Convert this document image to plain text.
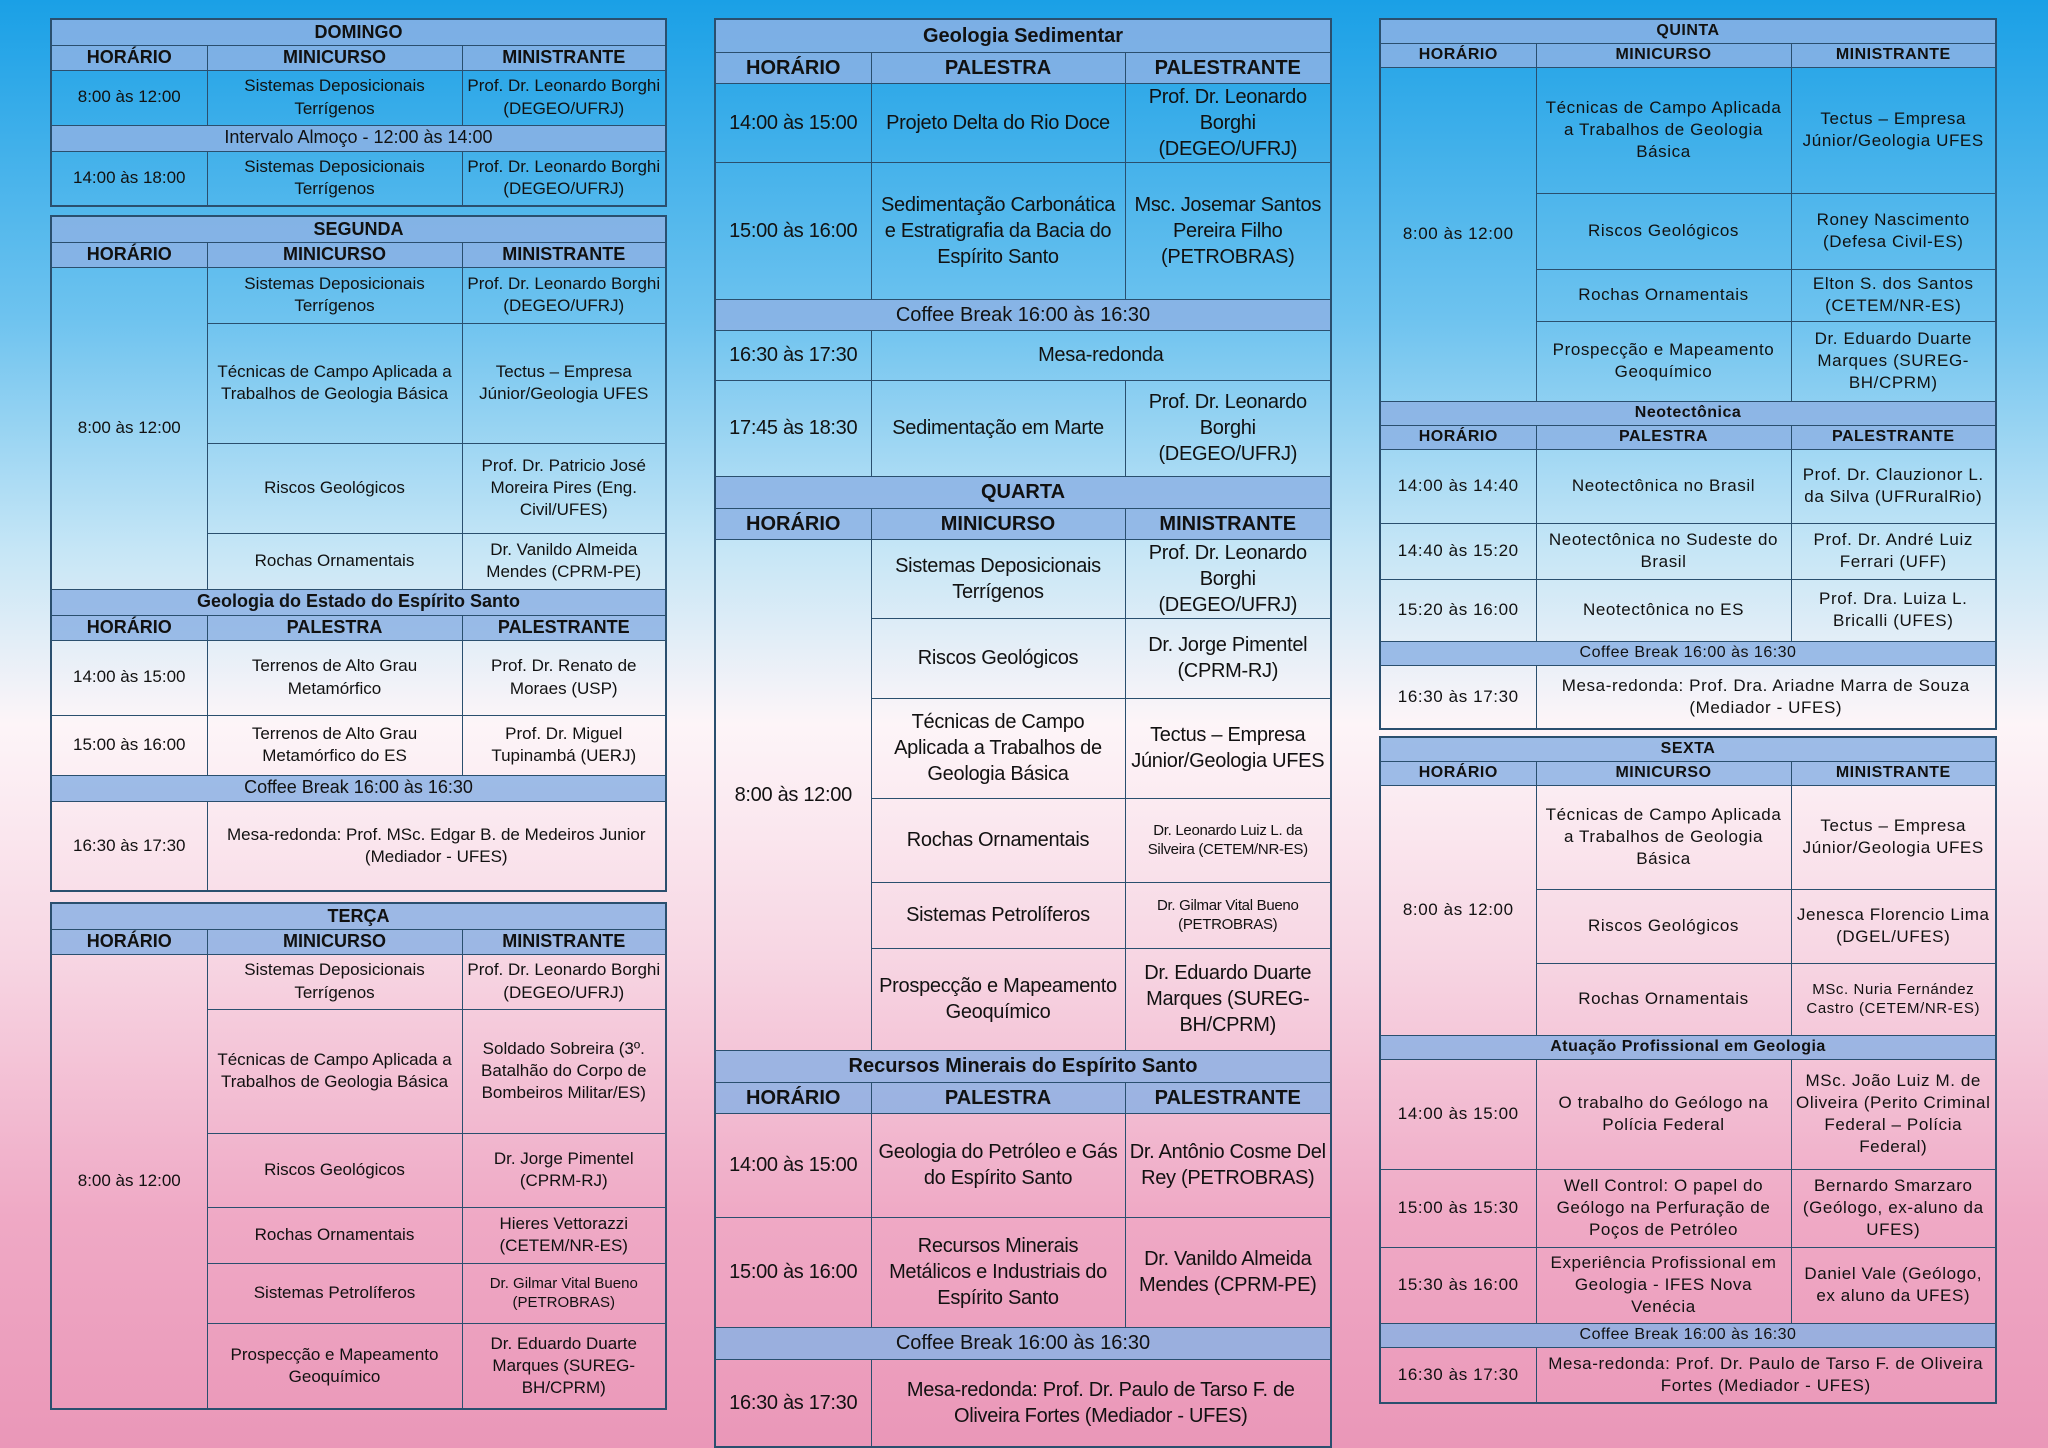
DOMINGO		
HORÁRIO	MINICURSO	MINISTRANTE
8:00 às 12:00	Sistemas Deposicionais Terrígenos	Prof. Dr. Leonardo Borghi (DEGEO/UFRJ)
Intervalo Almoço - 12:00 às 14:00		
14:00 às 18:00	Sistemas Deposicionais Terrígenos	Prof. Dr. Leonardo Borghi (DEGEO/UFRJ)
SEGUNDA		
HORÁRIO	MINICURSO	MINISTRANTE
8:00 às 12:00	Sistemas Deposicionais Terrígenos	Prof. Dr. Leonardo Borghi (DEGEO/UFRJ)
	Técnicas de Campo Aplicada a Trabalhos de Geologia Básica	Tectus – Empresa Júnior/Geologia UFES
	Riscos Geológicos	Prof. Dr. Patricio José Moreira Pires (Eng. Civil/UFES)
	Rochas Ornamentais	Dr. Vanildo Almeida Mendes (CPRM-PE)
Geologia do Estado do Espírito Santo		
HORÁRIO	PALESTRA	PALESTRANTE
14:00 às 15:00	Terrenos de Alto Grau Metamórfico	Prof. Dr. Renato de Moraes (USP)
15:00 às 16:00	Terrenos de Alto Grau Metamórfico do ES	Prof. Dr. Miguel Tupinambá (UERJ)
Coffee Break 16:00 às 16:30		
16:30 às 17:30	Mesa-redonda: Prof. MSc. Edgar B. de Medeiros Junior (Mediador - UFES)	
TERÇA		
HORÁRIO	MINICURSO	MINISTRANTE
8:00 às 12:00	Sistemas Deposicionais Terrígenos	Prof. Dr. Leonardo Borghi (DEGEO/UFRJ)
	Técnicas de Campo Aplicada a Trabalhos de Geologia Básica	Soldado Sobreira (3º. Batalhão do Corpo de Bombeiros Militar/ES)
	Riscos Geológicos	Dr. Jorge Pimentel (CPRM-RJ)
	Rochas Ornamentais	Hieres Vettorazzi (CETEM/NR-ES)
	Sistemas Petrolíferos	Dr. Gilmar Vital Bueno (PETROBRAS)
	Prospecção e Mapeamento Geoquímico	Dr. Eduardo Duarte Marques (SUREG-BH/CPRM)
Geologia Sedimentar		
HORÁRIO	PALESTRA	PALESTRANTE
14:00 às 15:00	Projeto Delta do Rio Doce	Prof. Dr. Leonardo Borghi (DEGEO/UFRJ)
15:00 às 16:00	Sedimentação Carbonática e Estratigrafia da Bacia do Espírito Santo	Msc. Josemar Santos Pereira Filho (PETROBRAS)
Coffee Break 16:00 às 16:30		
16:30 às 17:30	Mesa-redonda	
17:45 às 18:30	Sedimentação em Marte	Prof. Dr. Leonardo Borghi (DEGEO/UFRJ)
QUARTA		
HORÁRIO	MINICURSO	MINISTRANTE
8:00 às 12:00	Sistemas Deposicionais Terrígenos	Prof. Dr. Leonardo Borghi (DEGEO/UFRJ)
	Riscos Geológicos	Dr. Jorge Pimentel (CPRM-RJ)
	Técnicas de Campo Aplicada a Trabalhos de Geologia Básica	Tectus – Empresa Júnior/Geologia UFES
	Rochas Ornamentais	Dr. Leonardo Luiz L. da Silveira (CETEM/NR-ES)
	Sistemas Petrolíferos	Dr. Gilmar Vital Bueno (PETROBRAS)
	Prospecção e Mapeamento Geoquímico	Dr. Eduardo Duarte Marques (SUREG-BH/CPRM)
Recursos Minerais do Espírito Santo		
HORÁRIO	PALESTRA	PALESTRANTE
14:00 às 15:00	Geologia do Petróleo e Gás do Espírito Santo	Dr. Antônio Cosme Del Rey (PETROBRAS)
15:00 às 16:00	Recursos Minerais Metálicos e Industriais do Espírito Santo	Dr. Vanildo Almeida Mendes (CPRM-PE)
Coffee Break 16:00 às 16:30		
16:30 às 17:30	Mesa-redonda: Prof. Dr. Paulo de Tarso F. de Oliveira Fortes (Mediador - UFES)	
QUINTA		
HORÁRIO	MINICURSO	MINISTRANTE
8:00 às 12:00	Técnicas de Campo Aplicada a Trabalhos de Geologia Básica	Tectus – Empresa Júnior/Geologia UFES
	Riscos Geológicos	Roney Nascimento (Defesa Civil-ES)
	Rochas Ornamentais	Elton S. dos Santos (CETEM/NR-ES)
	Prospecção e Mapeamento Geoquímico	Dr. Eduardo Duarte Marques (SUREG-BH/CPRM)
Neotectônica		
HORÁRIO	PALESTRA	PALESTRANTE
14:00 às 14:40	Neotectônica no Brasil	Prof. Dr. Clauzionor L. da Silva (UFRuralRio)
14:40 às 15:20	Neotectônica no Sudeste do Brasil	Prof. Dr. André Luiz Ferrari (UFF)
15:20 às 16:00	Neotectônica no ES	Prof. Dra. Luiza L. Bricalli (UFES)
Coffee Break 16:00 às 16:30		
16:30 às 17:30	Mesa-redonda: Prof. Dra. Ariadne Marra de Souza (Mediador - UFES)	
SEXTA		
HORÁRIO	MINICURSO	MINISTRANTE
8:00 às 12:00	Técnicas de Campo Aplicada a Trabalhos de Geologia Básica	Tectus – Empresa Júnior/Geologia UFES
	Riscos Geológicos	Jenesca Florencio Lima (DGEL/UFES)
	Rochas Ornamentais	MSc. Nuria Fernández Castro (CETEM/NR-ES)
Atuação Profissional em Geologia		
14:00 às 15:00	O trabalho do Geólogo na Polícia Federal	MSc. João Luiz M. de Oliveira (Perito Criminal Federal – Polícia Federal)
15:00 às 15:30	Well Control: O papel do Geólogo na Perfuração de Poços de Petróleo	Bernardo Smarzaro (Geólogo, ex-aluno da UFES)
15:30 às 16:00	Experiência Profissional em Geologia - IFES Nova Venécia	Daniel Vale (Geólogo, ex aluno da UFES)
Coffee Break 16:00 às 16:30		
16:30 às 17:30	Mesa-redonda: Prof. Dr. Paulo de Tarso F. de Oliveira Fortes (Mediador - UFES)	
